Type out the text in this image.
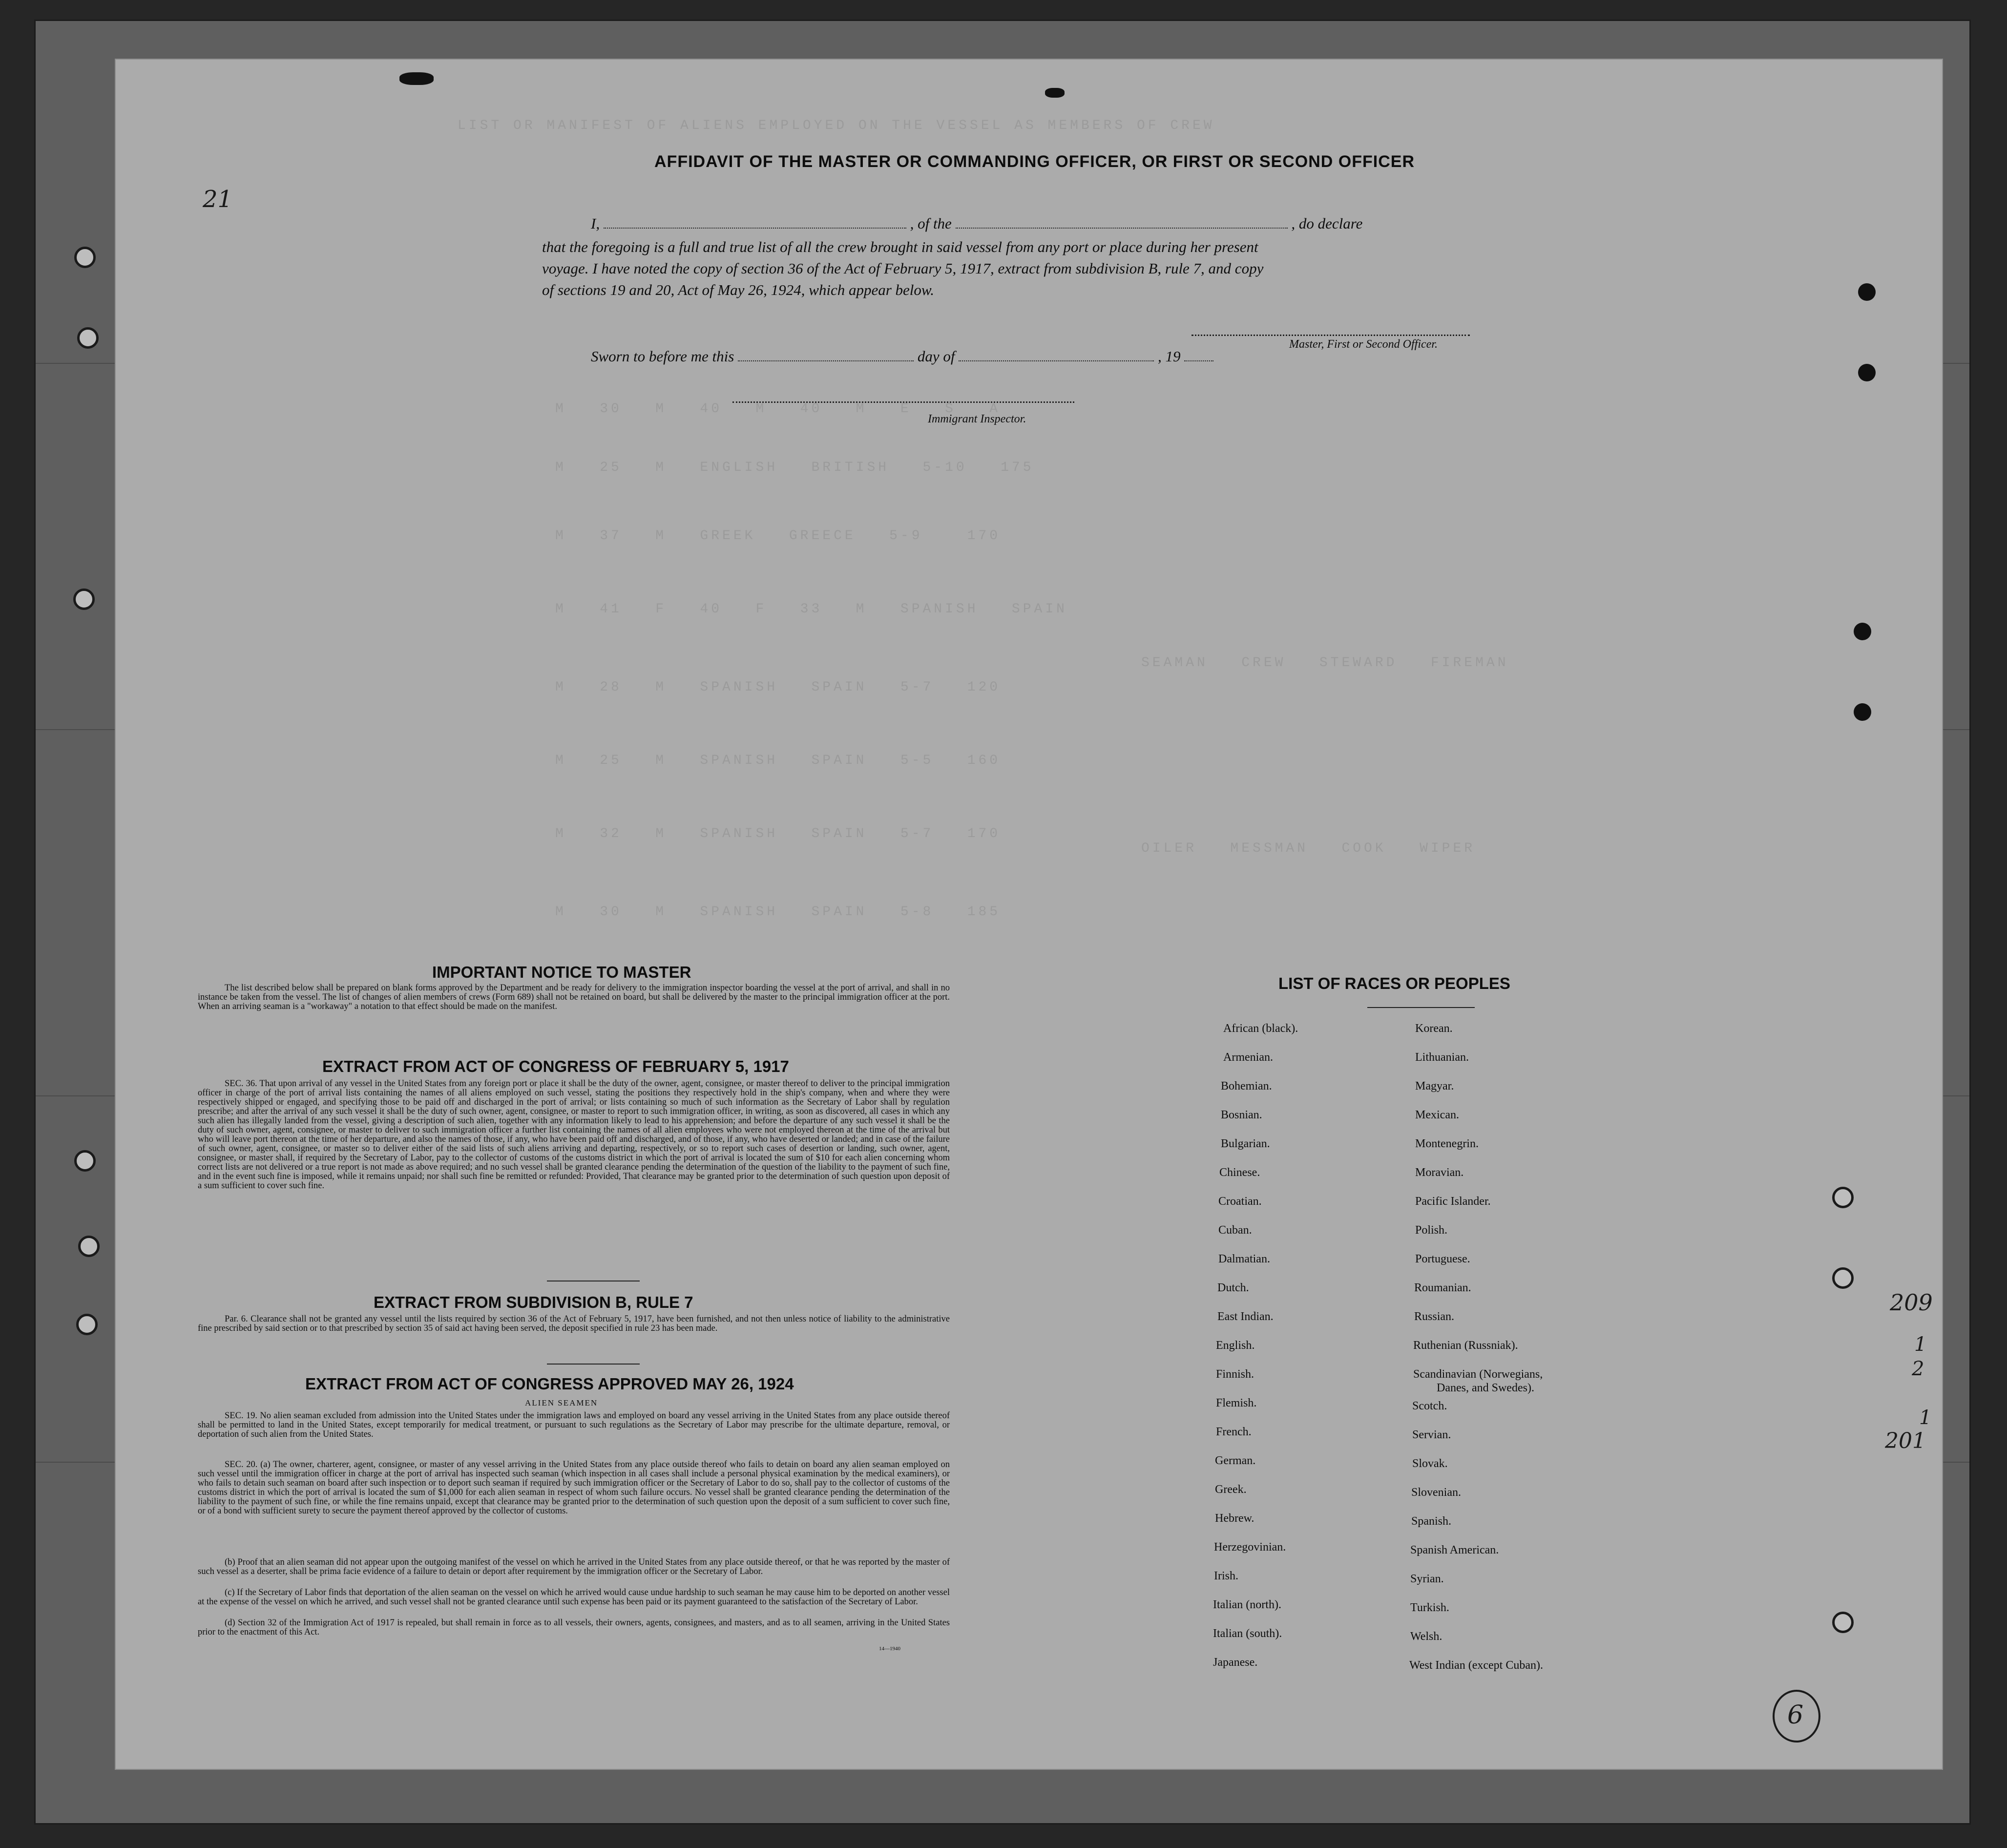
LIST OR MANIFEST OF ALIENS EMPLOYED ON THE VESSEL AS MEMBERS OF CREW
M   30   M   40   M   40   M   E   S   A
M   25   M   ENGLISH   BRITISH   5-10   175
M   37   M   GREEK   GREECE   5-9    170
M   41   F   40   F   33   M   SPANISH   SPAIN
M   28   M   SPANISH   SPAIN   5-7   120
M   25   M   SPANISH   SPAIN   5-5   160
M   32   M   SPANISH   SPAIN   5-7   170
M   30   M   SPANISH   SPAIN   5-8   185
SEAMAN   CREW   STEWARD   FIREMAN
OILER   MESSMAN   COOK   WIPER
AFFIDAVIT OF THE MASTER OR COMMANDING OFFICER, OR FIRST OR SECOND OFFICER
I,	, of the	, do declare
that the foregoing is a full and true list of all the crew brought in said vessel from any port or place during her present
voyage. I have noted the copy of section 36 of the Act of February 5, 1917, extract from subdivision B, rule 7, and copy
of sections 19 and 20, Act of May 26, 1924, which appear below.
Master, First or Second Officer.
Sworn to before me this	day of	, 19
Immigrant Inspector.
IMPORTANT NOTICE TO MASTER
The list described below shall be prepared on blank forms approved by the Department and be ready for delivery to the immigration inspector boarding the vessel at the port of arrival, and shall in no instance be taken from the vessel. The list of changes of alien members of crews (Form 689) shall not be retained on board, but shall be delivered by the master to the principal immigration officer at the port. When an arriving seaman is a "workaway" a notation to that effect should be made on the manifest.
EXTRACT FROM ACT OF CONGRESS OF FEBRUARY 5, 1917
SEC. 36. That upon arrival of any vessel in the United States from any foreign port or place it shall be the duty of the owner, agent, consignee, or master thereof to deliver to the principal immigration officer in charge of the port of arrival lists containing the names of all aliens employed on such vessel, stating the positions they respectively hold in the ship's company, when and where they were respectively shipped or engaged, and specifying those to be paid off and discharged in the port of arrival; or lists containing so much of such information as the Secretary of Labor shall by regulation prescribe; and after the arrival of any such vessel it shall be the duty of such owner, agent, consignee, or master to report to such immigration officer, in writing, as soon as discovered, all cases in which any such alien has illegally landed from the vessel, giving a description of such alien, together with any information likely to lead to his apprehension; and before the departure of any such vessel it shall be the duty of such owner, agent, consignee, or master to deliver to such immigration officer a further list containing the names of all alien employees who were not employed thereon at the time of the arrival but who will leave port thereon at the time of her departure, and also the names of those, if any, who have been paid off and discharged, and of those, if any, who have deserted or landed; and in case of the failure of such owner, agent, consignee, or master so to deliver either of the said lists of such aliens arriving and departing, respectively, or so to report such cases of desertion or landing, such owner, agent, consignee, or master shall, if required by the Secretary of Labor, pay to the collector of customs of the customs district in which the port of arrival is located the sum of $10 for each alien concerning whom correct lists are not delivered or a true report is not made as above required; and no such vessel shall be granted clearance pending the determination of the question of the liability to the payment of such fine, and in the event such fine is imposed, while it remains unpaid; nor shall such fine be remitted or refunded: Provided, That clearance may be granted prior to the determination of such question upon deposit of a sum sufficient to cover such fine.
EXTRACT FROM SUBDIVISION B, RULE 7
Par. 6. Clearance shall not be granted any vessel until the lists required by section 36 of the Act of February 5, 1917, have been furnished, and not then unless notice of liability to the administrative fine prescribed by said section or to that prescribed by section 35 of said act having been served, the deposit specified in rule 23 has been made.
EXTRACT FROM ACT OF CONGRESS APPROVED MAY 26, 1924
ALIEN SEAMEN
SEC. 19. No alien seaman excluded from admission into the United States under the immigration laws and employed on board any vessel arriving in the United States from any place outside thereof shall be permitted to land in the United States, except temporarily for medical treatment, or pursuant to such regulations as the Secretary of Labor may prescribe for the ultimate departure, removal, or deportation of such alien from the United States.
SEC. 20. (a) The owner, charterer, agent, consignee, or master of any vessel arriving in the United States from any place outside thereof who fails to detain on board any alien seaman employed on such vessel until the immigration officer in charge at the port of arrival has inspected such seaman (which inspection in all cases shall include a personal physical examination by the medical examiners), or who fails to detain such seaman on board after such inspection or to deport such seaman if required by such immigration officer or the Secretary of Labor to do so, shall pay to the collector of customs of the customs district in which the port of arrival is located the sum of $1,000 for each alien seaman in respect of whom such failure occurs. No vessel shall be granted clearance pending the determination of the liability to the payment of such fine, or while the fine remains unpaid, except that clearance may be granted prior to the determination of such question upon the deposit of a sum sufficient to cover such fine, or of a bond with sufficient surety to secure the payment thereof approved by the collector of customs.
(b) Proof that an alien seaman did not appear upon the outgoing manifest of the vessel on which he arrived in the United States from any place outside thereof, or that he was reported by the master of such vessel as a deserter, shall be prima facie evidence of a failure to detain or deport after requirement by the immigration officer or the Secretary of Labor.
(c) If the Secretary of Labor finds that deportation of the alien seaman on the vessel on which he arrived would cause undue hardship to such seaman he may cause him to be deported on another vessel at the expense of the vessel on which he arrived, and such vessel shall not be granted clearance until such expense has been paid or its payment guaranteed to the satisfaction of the Secretary of Labor.
(d) Section 32 of the Immigration Act of 1917 is repealed, but shall remain in force as to all vessels, their owners, agents, consignees, and masters, and as to all seamen, arriving in the United States prior to the enactment of this Act.
14—1940
LIST OF RACES OR PEOPLES
African (black).
Armenian.
Bohemian.
Bosnian.
Bulgarian.
Chinese.
Croatian.
Cuban.
Dalmatian.
Dutch.
East Indian.
English.
Finnish.
Flemish.
French.
German.
Greek.
Hebrew.
Herzegovinian.
Irish.
Italian (north).
Italian (south).
Japanese.
Korean.
Lithuanian.
Magyar.
Mexican.
Montenegrin.
Moravian.
Pacific Islander.
Polish.
Portuguese.
Roumanian.
Russian.
Ruthenian (Russniak).
Scandinavian (Norwegians,
Danes, and Swedes).
Scotch.
Servian.
Slovak.
Slovenian.
Spanish.
Spanish American.
Syrian.
Turkish.
Welsh.
West Indian (except Cuban).
21
209
1
2
1
201
6
